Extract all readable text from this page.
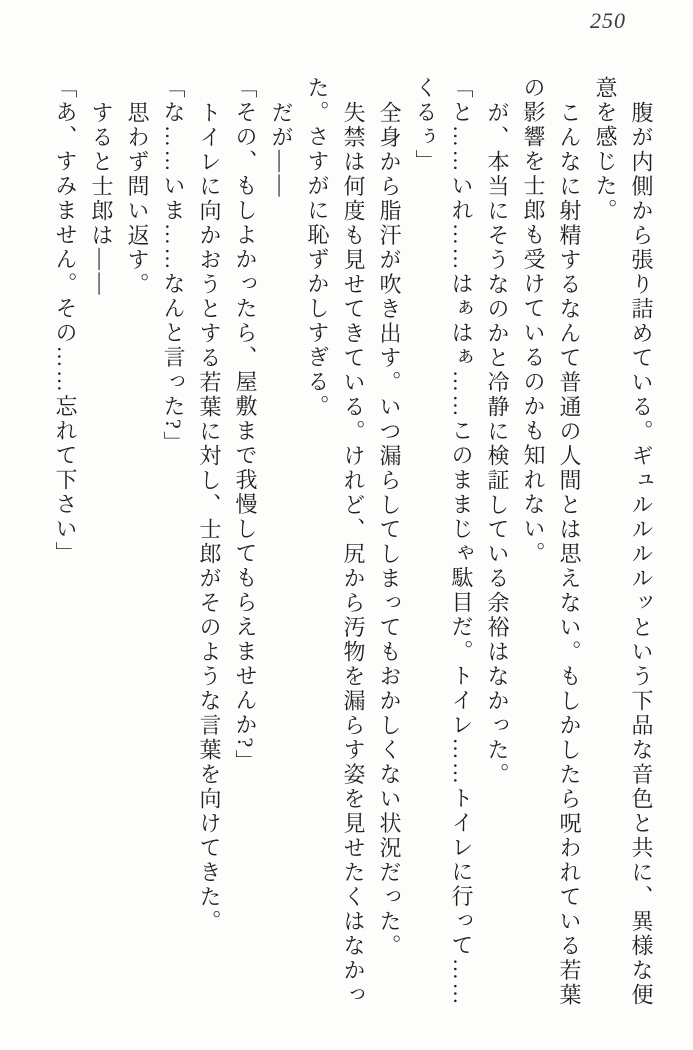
250
腹が内側から張り詰めている。ギュルルルルッという下品な音色と共に、異様な便
意を感じた。
こんなに射精するなんて普通の人間とは思えない。もしかしたら呪われている若葉
の影響を士郎も受けているのかも知れない。
が、本当にそうなのかと冷静に検証している余裕はなかった。
「と……いれ……はぁはぁ……このままじゃ駄目だ。トイレ……トイレに行って……
くるぅ」
全身から脂汗が吹き出す。いつ漏らしてしまってもおかしくない状況だった。
失禁は何度も見せてきている。けれど、尻から汚物を漏らす姿を見せたくはなかっ
た。さすがに恥ずかしすぎる。
だが——
「その、もしよかったら、屋敷まで我慢してもらえませんか?」
トイレに向かおうとする若葉に対し、士郎がそのような言葉を向けてきた。
「な……いま……なんと言った?」
思わず問い返す。
すると士郎は——
「あ、すみません。その……忘れて下さい」
